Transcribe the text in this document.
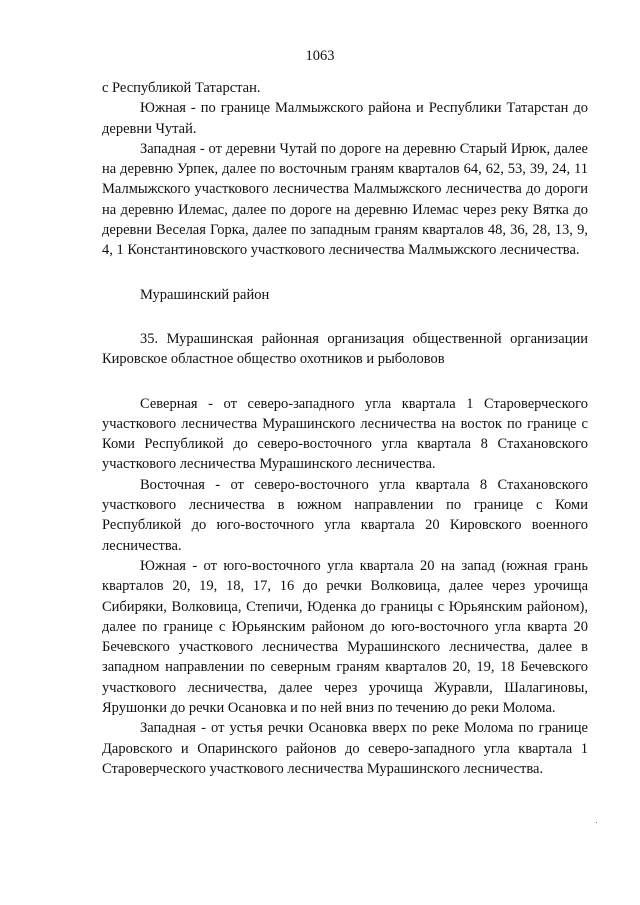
1063

с Республикой Татарстан.

Южная - по границе Малмыжского района и Республики Татарстан до деревни Чутай.

Западная - от деревни Чутай по дороге на деревню Старый Ирюк, далее на деревню Урпек, далее по восточным граням кварталов 64, 62, 53, 39, 24, 11 Малмыжского участкового лесничества Малмыжского лесничества до дороги на деревню Илемас, далее по дороге на деревню Илемас через реку Вятка до деревни Веселая Горка, далее по западным граням кварталов 48, 36, 28, 13, 9, 4, 1 Константиновского участкового лесничества Малмыжского лесничества.

Мурашинский район

35. Мурашинская районная организация общественной организации Кировское областное общество охотников и рыболовов

Северная - от северо-западного угла квартала 1 Староверческого участкового лесничества Мурашинского лесничества на восток по границе с Коми Республикой до северо-восточного угла квартала 8 Стахановского участкового лесничества Мурашинского лесничества.

Восточная - от северо-восточного угла квартала 8 Стахановского участкового лесничества в южном направлении по границе с Коми Республикой до юго-восточного угла квартала 20 Кировского военного лесничества.

Южная - от юго-восточного угла квартала 20 на запад (южная грань кварталов 20, 19, 18, 17, 16 до речки Волковица, далее через урочища Сибиряки, Волковица, Степичи, Юденка до границы с Юрьянским районом), далее по границе с Юрьянским районом до юго-восточного угла кварта 20 Бечевского участкового лесничества Мурашинского лесничества, далее в западном направлении по северным граням кварталов 20, 19, 18 Бечевского участкового лесничества, далее через урочища Журавли, Шалагиновы, Ярушонки до речки Осановка и по ней вниз по течению до реки Молома.

Западная - от устья речки Осановка вверх по реке Молома по границе Даровского и Опаринского районов до северо-западного угла квартала 1 Староверческого участкового лесничества Мурашинского лесничества.
